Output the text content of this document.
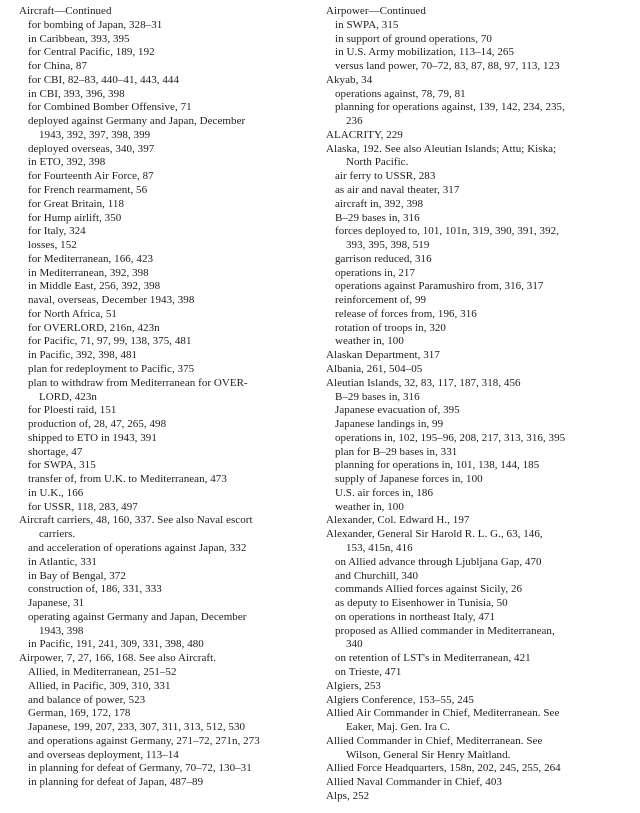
Aircraft—Continued
for bombing of Japan, 328–31
in Caribbean, 393, 395
for Central Pacific, 189, 192
for China, 87
for CBI, 82–83, 440–41, 443, 444
in CBI, 393, 396, 398
for Combined Bomber Offensive, 71
deployed against Germany and Japan, December
1943, 392, 397, 398, 399
deployed overseas, 340, 397
in ETO, 392, 398
for Fourteenth Air Force, 87
for French rearmament, 56
for Great Britain, 118
for Hump airlift, 350
for Italy, 324
losses, 152
for Mediterranean, 166, 423
in Mediterranean, 392, 398
in Middle East, 256, 392, 398
naval, overseas, December 1943, 398
for North Africa, 51
for OVERLORD, 216n, 423n
for Pacific, 71, 97, 99, 138, 375, 481
in Pacific, 392, 398, 481
plan for redeployment to Pacific, 375
plan to withdraw from Mediterranean for OVER-
LORD, 423n
for Ploesti raid, 151
production of, 28, 47, 265, 498
shipped to ETO in 1943, 391
shortage, 47
for SWPA, 315
transfer of, from U.K. to Mediterranean, 473
in U.K., 166
for USSR, 118, 283, 497
Aircraft carriers, 48, 160, 337. See also Naval escort
carriers.
and acceleration of operations against Japan, 332
in Atlantic, 331
in Bay of Bengal, 372
construction of, 186, 331, 333
Japanese, 31
operating against Germany and Japan, December
1943, 398
in Pacific, 191, 241, 309, 331, 398, 480
Airpower, 7, 27, 166, 168. See also Aircraft.
Allied, in Mediterranean, 251–52
Allied, in Pacific, 309, 310, 331
and balance of power, 523
German, 169, 172, 178
Japanese, 199, 207, 233, 307, 311, 313, 512, 530
and operations against Germany, 271–72, 271n, 273
and overseas deployment, 113–14
in planning for defeat of Germany, 70–72, 130–31
in planning for defeat of Japan, 487–89
Airpower—Continued
in SWPA, 315
in support of ground operations, 70
in U.S. Army mobilization, 113–14, 265
versus land power, 70–72, 83, 87, 88, 97, 113, 123
Akyab, 34
operations against, 78, 79, 81
planning for operations against, 139, 142, 234, 235,
236
ALACRITY, 229
Alaska, 192. See also Aleutian Islands; Attu; Kiska;
North Pacific.
air ferry to USSR, 283
as air and naval theater, 317
aircraft in, 392, 398
B–29 bases in, 316
forces deployed to, 101, 101n, 319, 390, 391, 392,
393, 395, 398, 519
garrison reduced, 316
operations in, 217
operations against Paramushiro from, 316, 317
reinforcement of, 99
release of forces from, 196, 316
rotation of troops in, 320
weather in, 100
Alaskan Department, 317
Albania, 261, 504–05
Aleutian Islands, 32, 83, 117, 187, 318, 456
B–29 bases in, 316
Japanese evacuation of, 395
Japanese landings in, 99
operations in, 102, 195–96, 208, 217, 313, 316, 395
plan for B–29 bases in, 331
planning for operations in, 101, 138, 144, 185
supply of Japanese forces in, 100
U.S. air forces in, 186
weather in, 100
Alexander, Col. Edward H., 197
Alexander, General Sir Harold R. L. G., 63, 146,
153, 415n, 416
on Allied advance through Ljubljana Gap, 470
and Churchill, 340
commands Allied forces against Sicily, 26
as deputy to Eisenhower in Tunisia, 50
on operations in northeast Italy, 471
proposed as Allied commander in Mediterranean,
340
on retention of LST's in Mediterranean, 421
on Trieste, 471
Algiers, 253
Algiers Conference, 153–55, 245
Allied Air Commander in Chief, Mediterranean. See
Eaker, Maj. Gen. Ira C.
Allied Commander in Chief, Mediterranean. See
Wilson, General Sir Henry Maitland.
Allied Force Headquarters, 158n, 202, 245, 255, 264
Allied Naval Commander in Chief, 403
Alps, 252
